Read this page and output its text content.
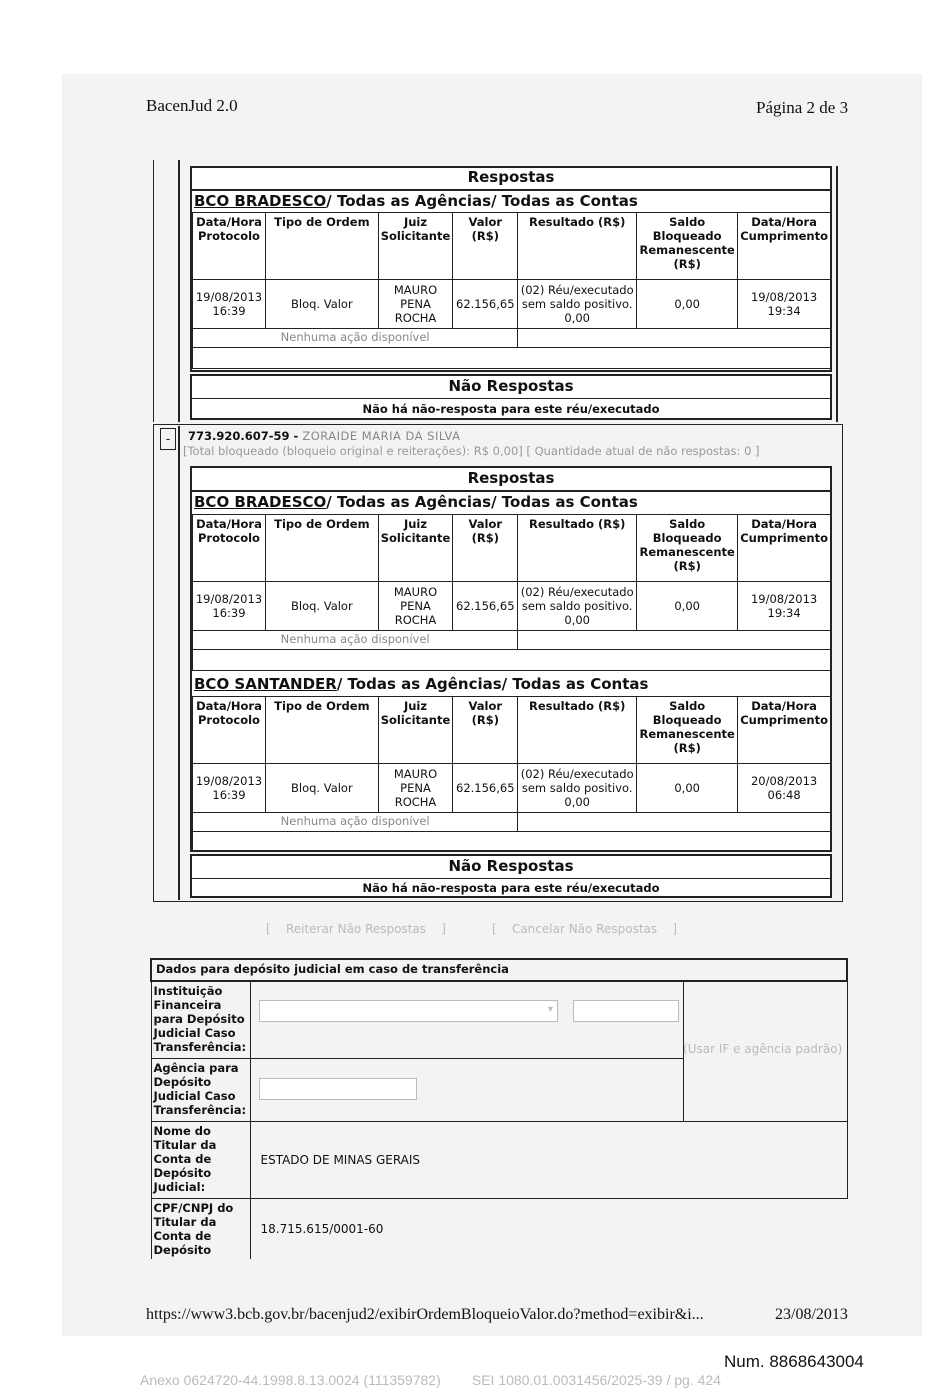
BacenJud 2.0	Página 2 de 3
Respostas
BCO BRADESCO/ Todas as Agências/ Todas as Contas
Data/Hora Protocolo	Tipo de Ordem	Juiz Solicitante	Valor (R$)	Resultado (R$)	Saldo Bloqueado Remanescente (R$)	Data/Hora Cumprimento
19/08/2013 16:39	Bloq. Valor	MAURO PENA ROCHA	62.156,65	(02) Réu/executado sem saldo positivo. 0,00	0,00	19/08/2013 19:34
Nenhuma ação disponível						

Não Respostas
Não há não-resposta para este réu/executado
-	773.920.607-59 - ZORAIDE MARIA DA SILVA
[Total bloqueado (bloqueio original e reiterações): R$ 0,00] [ Quantidade atual de não respostas: 0 ]
Respostas
BCO BRADESCO/ Todas as Agências/ Todas as Contas
Data/Hora Protocolo	Tipo de Ordem	Juiz Solicitante	Valor (R$)	Resultado (R$)	Saldo Bloqueado Remanescente (R$)	Data/Hora Cumprimento
19/08/2013 16:39	Bloq. Valor	MAURO PENA ROCHA	62.156,65	(02) Réu/executado sem saldo positivo. 0,00	0,00	19/08/2013 19:34
Nenhuma ação disponível						

BCO SANTANDER/ Todas as Agências/ Todas as Contas
Data/Hora Protocolo	Tipo de Ordem	Juiz Solicitante	Valor (R$)	Resultado (R$)	Saldo Bloqueado Remanescente (R$)	Data/Hora Cumprimento
19/08/2013 16:39	Bloq. Valor	MAURO PENA ROCHA	62.156,65	(02) Réu/executado sem saldo positivo. 0,00	0,00	20/08/2013 06:48
Nenhuma ação disponível						

Não Respostas
Não há não-resposta para este réu/executado
[    Reiterar Não Respostas    ]	[    Cancelar Não Respostas    ]
Dados para depósito judicial em caso de transferência		
Instituição Financeira para Depósito Judicial Caso Transferência:		
Agência para Depósito Judicial Caso Transferência:		
Nome do Titular da Conta de Depósito Judicial:	ESTADO DE MINAS GERAIS	
CPF/CNPJ do Titular da Conta de Depósito	18.715.615/0001-60	
▾
(Usar IF e agência padrão)
https://www3.bcb.gov.br/bacenjud2/exibirOrdemBloqueioValor.do?method=exibir&i...	23/08/2013
Num. 8868643004
Anexo 0624720-44.1998.8.13.0024 (111359782)        SEI 1080.01.0031456/2025-39 / pg. 424
